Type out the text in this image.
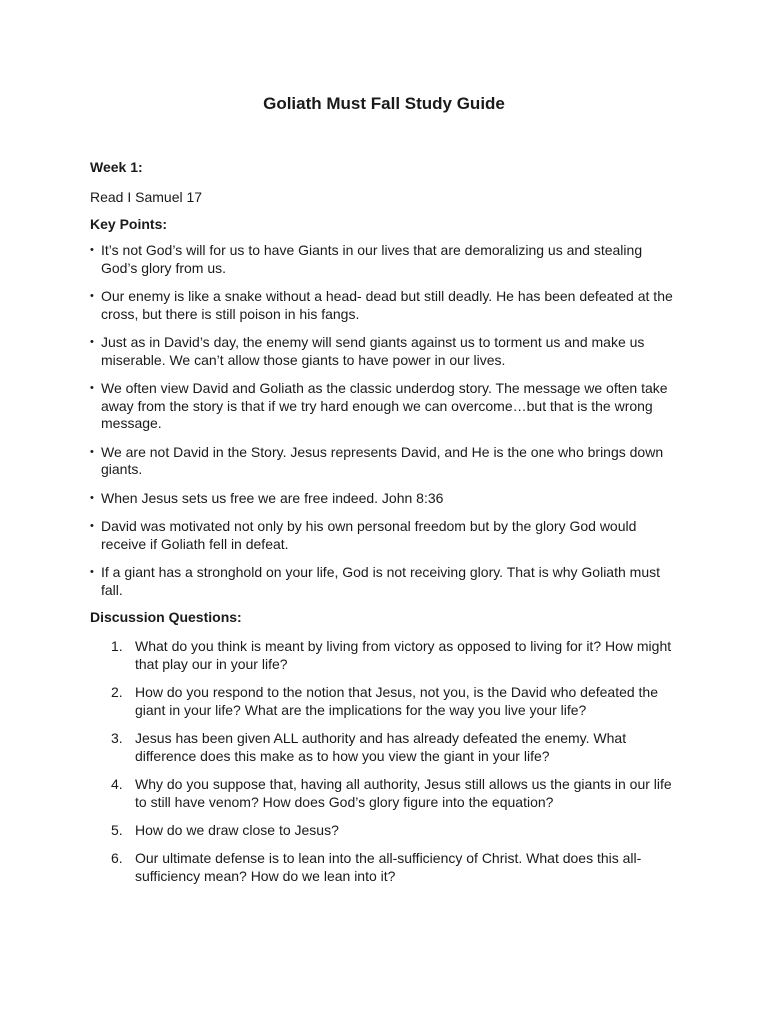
Goliath Must Fall Study Guide

Week 1:

Read I Samuel 17

Key Points:

• It’s not God’s will for us to have Giants in our lives that are demoralizing us and stealing God’s glory from us.
• Our enemy is like a snake without a head- dead but still deadly. He has been defeated at the cross, but there is still poison in his fangs.
• Just as in David’s day, the enemy will send giants against us to torment us and make us miserable. We can’t allow those giants to have power in our lives.
• We often view David and Goliath as the classic underdog story. The message we often take away from the story is that if we try hard enough we can overcome…but that is the wrong message.
• We are not David in the Story. Jesus represents David, and He is the one who brings down giants.
• When Jesus sets us free we are free indeed. John 8:36
• David was motivated not only by his own personal freedom but by the glory God would receive if Goliath fell in defeat.
• If a giant has a stronghold on your life, God is not receiving glory. That is why Goliath must fall.

Discussion Questions:

1. What do you think is meant by living from victory as opposed to living for it? How might that play our in your life?
2. How do you respond to the notion that Jesus, not you, is the David who defeated the giant in your life? What are the implications for the way you live your life?
3. Jesus has been given ALL authority and has already defeated the enemy. What difference does this make as to how you view the giant in your life?
4. Why do you suppose that, having all authority, Jesus still allows us the giants in our life to still have venom? How does God’s glory figure into the equation?
5. How do we draw close to Jesus?
6. Our ultimate defense is to lean into the all-sufficiency of Christ. What does this all-sufficiency mean? How do we lean into it?
